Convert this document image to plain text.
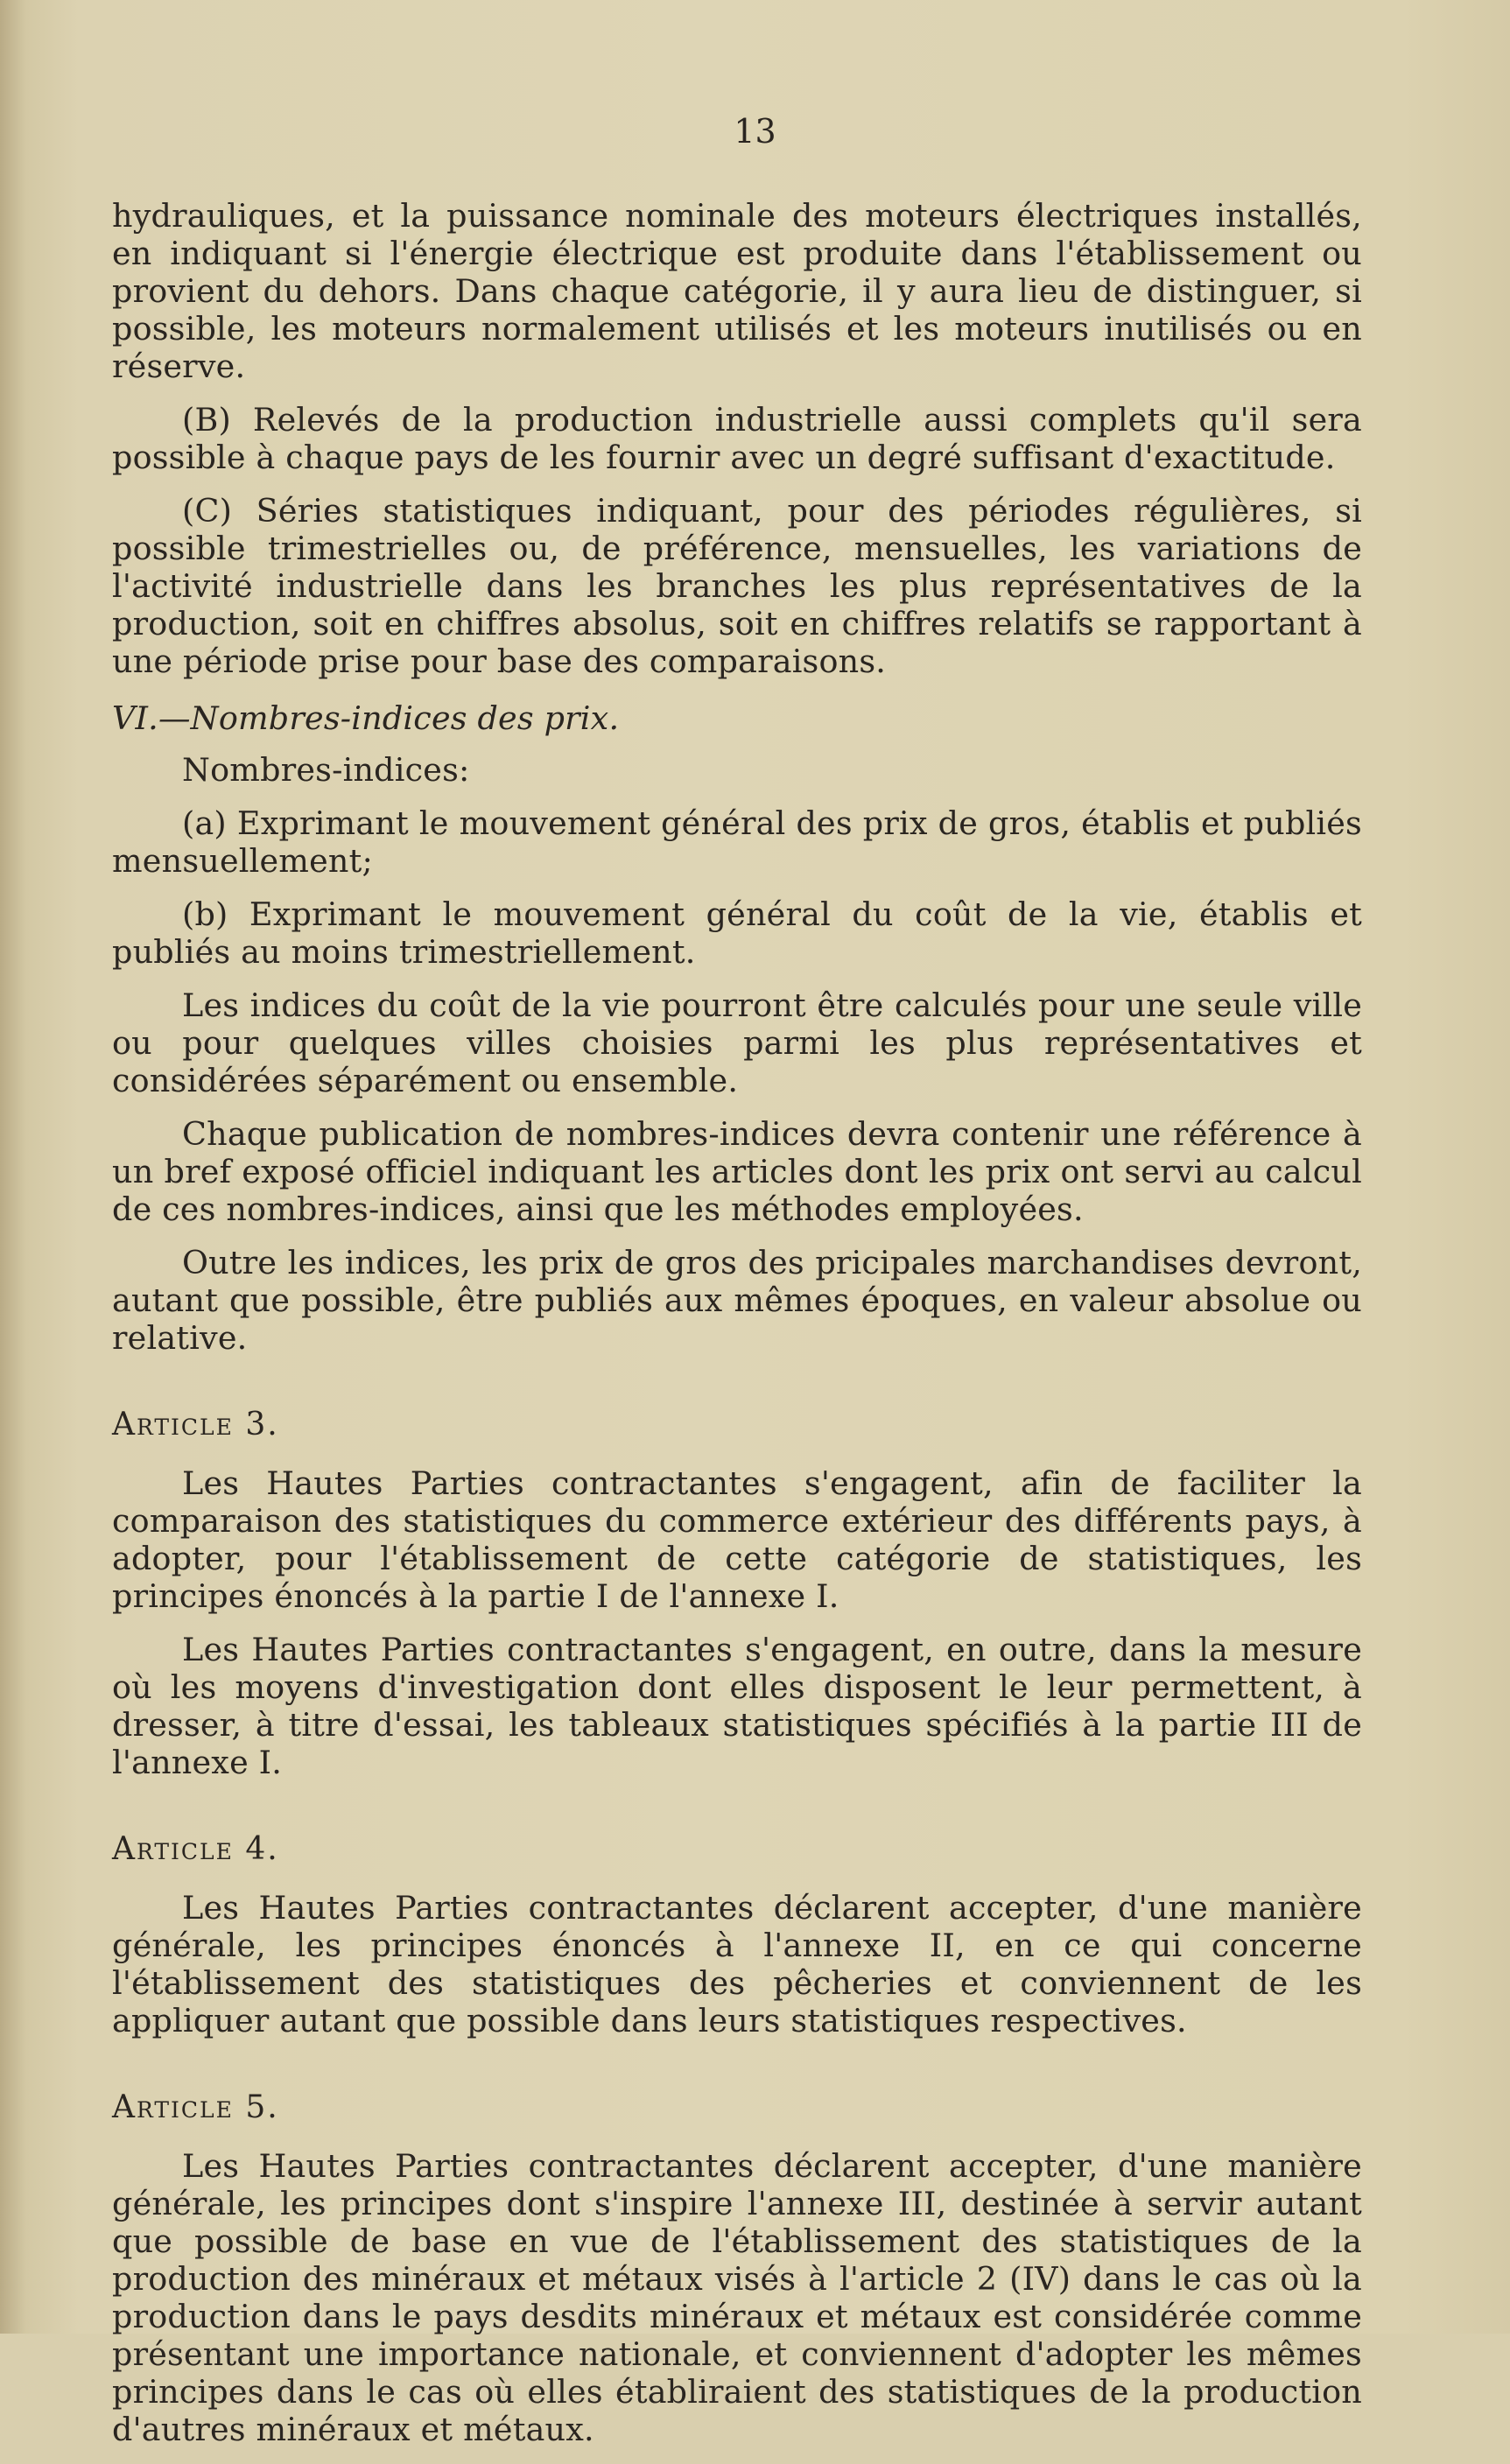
13

hydrauliques, et la puissance nominale des moteurs électriques installés, en indiquant si l'énergie électrique est produite dans l'établissement ou provient du dehors. Dans chaque catégorie, il y aura lieu de distinguer, si possible, les moteurs normalement utilisés et les moteurs inutilisés ou en réserve.

(B) Relevés de la production industrielle aussi complets qu'il sera possible à chaque pays de les fournir avec un degré suffisant d'exactitude.

(C) Séries statistiques indiquant, pour des périodes régulières, si possible trimestrielles ou, de préférence, mensuelles, les variations de l'activité industrielle dans les branches les plus représentatives de la production, soit en chiffres absolus, soit en chiffres relatifs se rapportant à une période prise pour base des comparaisons.

VI.—Nombres-indices des prix.

Nombres-indices:

(a) Exprimant le mouvement général des prix de gros, établis et publiés mensuellement;

(b) Exprimant le mouvement général du coût de la vie, établis et publiés au moins trimestriellement.

Les indices du coût de la vie pourront être calculés pour une seule ville ou pour quelques villes choisies parmi les plus représentatives et considérées séparément ou ensemble.

Chaque publication de nombres-indices devra contenir une référence à un bref exposé officiel indiquant les articles dont les prix ont servi au calcul de ces nombres-indices, ainsi que les méthodes employées.

Outre les indices, les prix de gros des pricipales marchandises devront, autant que possible, être publiés aux mêmes époques, en valeur absolue ou relative.

Article 3.

Les Hautes Parties contractantes s'engagent, afin de faciliter la comparaison des statistiques du commerce extérieur des différents pays, à adopter, pour l'établissement de cette catégorie de statistiques, les principes énoncés à la partie I de l'annexe I.

Les Hautes Parties contractantes s'engagent, en outre, dans la mesure où les moyens d'investigation dont elles disposent le leur permettent, à dresser, à titre d'essai, les tableaux statistiques spécifiés à la partie III de l'annexe I.

Article 4.

Les Hautes Parties contractantes déclarent accepter, d'une manière générale, les principes énoncés à l'annexe II, en ce qui concerne l'établissement des statistiques des pêcheries et conviennent de les appliquer autant que possible dans leurs statistiques respectives.

Article 5.

Les Hautes Parties contractantes déclarent accepter, d'une manière générale, les principes dont s'inspire l'annexe III, destinée à servir autant que possible de base en vue de l'établissement des statistiques de la production des minéraux et métaux visés à l'article 2 (IV) dans le cas où la production dans le pays desdits minéraux et métaux est considérée comme présentant une importance nationale, et conviennent d'adopter les mêmes principes dans le cas où elles établiraient des statistiques de la production d'autres minéraux et métaux.
